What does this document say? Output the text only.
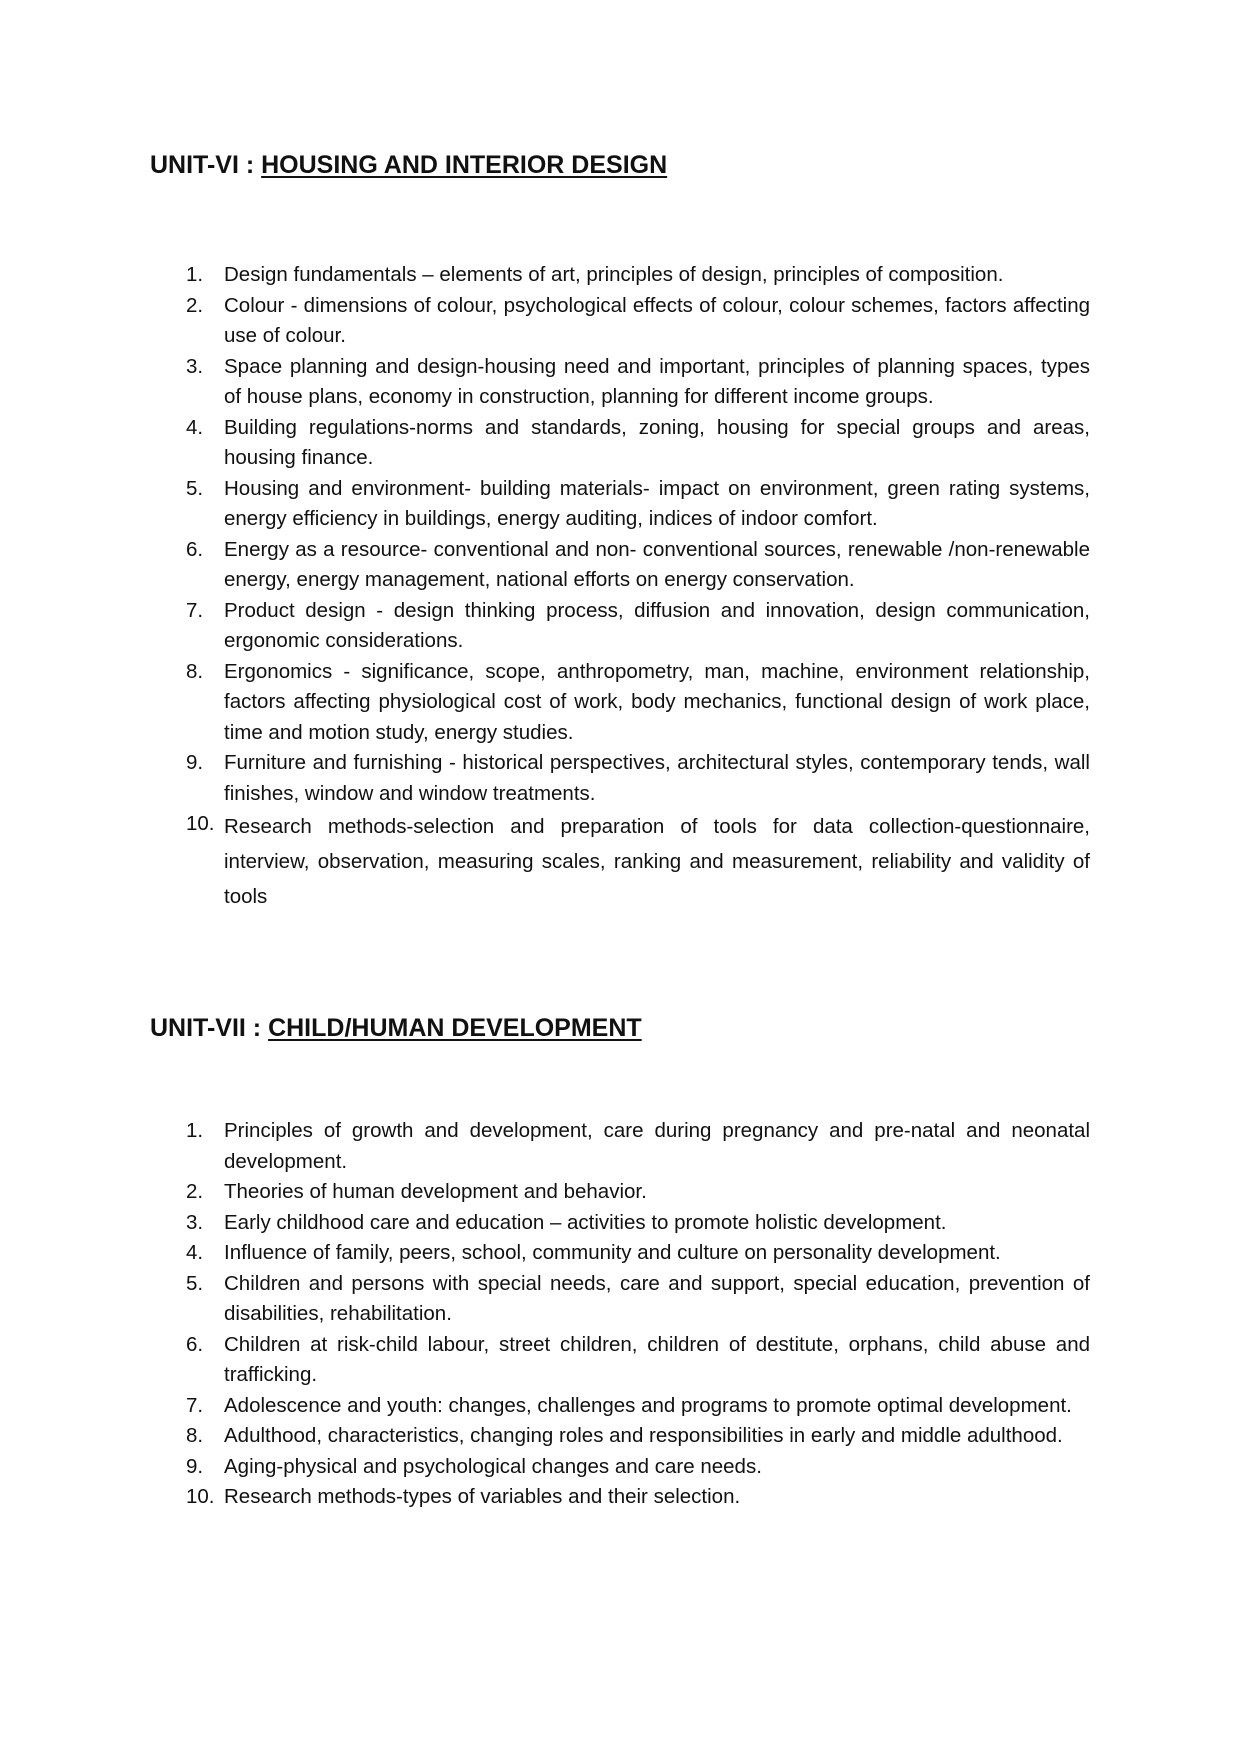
UNIT-VI : HOUSING AND INTERIOR DESIGN
1. Design fundamentals – elements of art, principles of design, principles of composition.
2. Colour - dimensions of colour, psychological effects of colour, colour schemes, factors affecting use of colour.
3. Space planning and design-housing need and important, principles of planning spaces, types of house plans, economy in construction, planning for different income groups.
4. Building regulations-norms and standards, zoning, housing for special groups and areas, housing finance.
5. Housing and environment- building materials- impact on environment, green rating systems, energy efficiency in buildings, energy auditing, indices of indoor comfort.
6. Energy as a resource- conventional and non- conventional sources, renewable /non-renewable energy, energy management, national efforts on energy conservation.
7. Product design - design thinking process, diffusion and innovation, design communication, ergonomic considerations.
8. Ergonomics - significance, scope, anthropometry, man, machine, environment relationship, factors affecting physiological cost of work, body mechanics, functional design of work place, time and motion study, energy studies.
9. Furniture and furnishing - historical perspectives, architectural styles, contemporary tends, wall finishes, window and window treatments.
10. Research methods-selection and preparation of tools for data collection-questionnaire, interview, observation, measuring scales, ranking and measurement, reliability and validity of tools
UNIT-VII : CHILD/HUMAN DEVELOPMENT
1. Principles of growth and development, care during pregnancy and pre-natal and neonatal development.
2. Theories of human development and behavior.
3. Early childhood care and education – activities to promote holistic development.
4. Influence of family, peers, school, community and culture on personality development.
5. Children and persons with special needs, care and support, special education, prevention of disabilities, rehabilitation.
6. Children at risk-child labour, street children, children of destitute, orphans, child abuse and trafficking.
7. Adolescence and youth: changes, challenges and programs to promote optimal development.
8. Adulthood, characteristics, changing roles and responsibilities in early and middle adulthood.
9. Aging-physical and psychological changes and care needs.
10. Research methods-types of variables and their selection.
